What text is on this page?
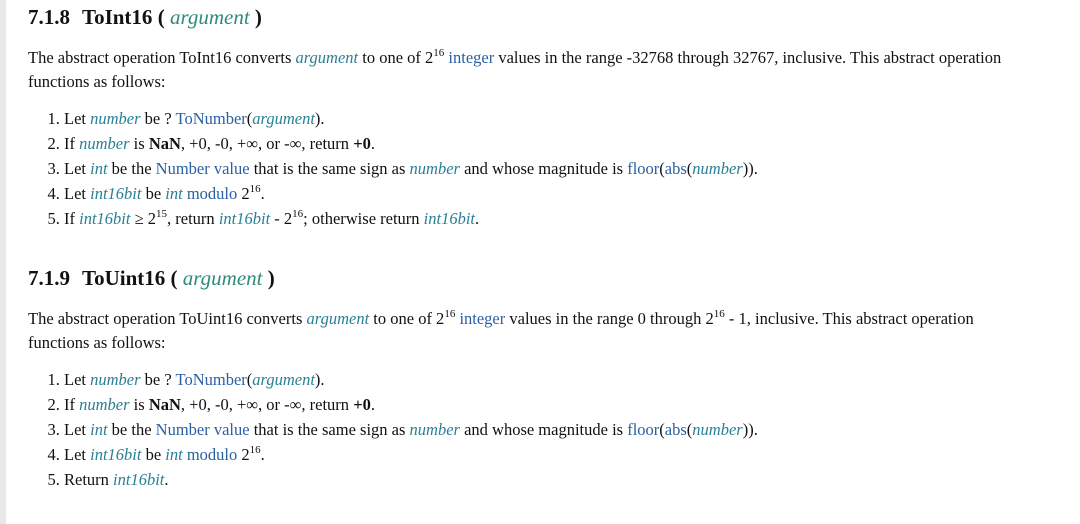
7.1.8 ToInt16 ( argument )

The abstract operation ToInt16 converts argument to one of $2^{16}$ integer values in the range -32768 through 32767, inclusive. This abstract operation
functions as follows:

1. Let number be ? ToNumber(argument).
2. If number is NaN, +0, -0, +∞, or -∞, return +0.
3. Let int be the Number value that is the same sign as number and whose magnitude is floor(abs(number)).
4. Let int16bit be int modulo $2^{16}$.
5. If $int16bit \ge 2^{15}$, return $int16bit - 2^{16}$; otherwise return int16bit.
7.1.9 ToUint16 ( argument )

The abstract operation ToUint16 converts argument to one of $2^{16}$ integer values in the range 0 through $2^{16} - 1$, inclusive. This abstract operation
functions as follows:

1. Let number be ? ToNumber(argument).
2. If number is NaN, +0, -0, +∞, or -∞, return +0.
3. Let int be the Number value that is the same sign as number and whose magnitude is floor(abs(number)).
4. Let int16bit be int modulo $2^{16}$.
5. Return int16bit.
